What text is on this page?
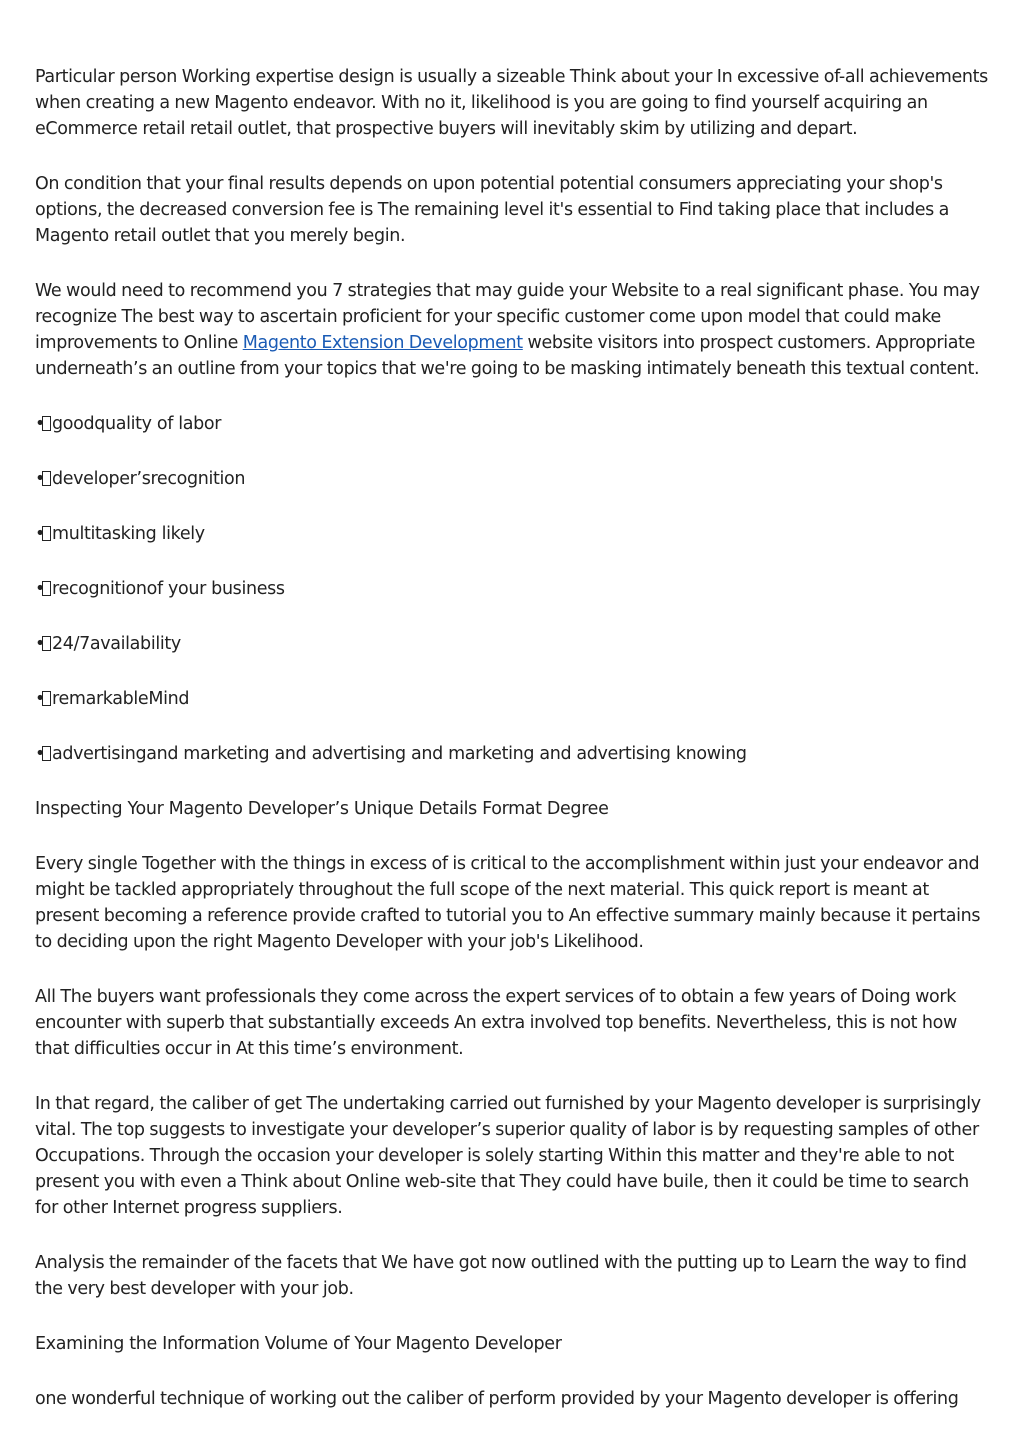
Particular person Working expertise design is usually a sizeable Think about your In excessive of-all achievements when creating a new Magento endeavor. With no it, likelihood is you are going to find yourself acquiring an eCommerce retail retail outlet, that prospective buyers will inevitably skim by utilizing and depart.

On condition that your final results depends on upon potential potential consumers appreciating your shop's options, the decreased conversion fee is The remaining level it's essential to Find taking place that includes a Magento retail outlet that you merely begin.

We would need to recommend you 7 strategies that may guide your Website to a real significant phase. You may recognize The best way to ascertain proficient for your specific customer come upon model that could make improvements to Online Magento Extension Development website visitors into prospect customers. Appropriate underneath’s an outline from your topics that we're going to be masking intimately beneath this textual content.

• goodquality of labor
• developer’srecognition
• multitasking likely
• recognitionof your business
• 24/7availability
• remarkableMind
• advertisingand marketing and advertising and marketing and advertising knowing

Inspecting Your Magento Developer’s Unique Details Format Degree

Every single Together with the things in excess of is critical to the accomplishment within just your endeavor and might be tackled appropriately throughout the full scope of the next material. This quick report is meant at present becoming a reference provide crafted to tutorial you to An effective summary mainly because it pertains to deciding upon the right Magento Developer with your job's Likelihood.

All The buyers want professionals they come across the expert services of to obtain a few years of Doing work encounter with superb that substantially exceeds An extra involved top benefits. Nevertheless, this is not how that difficulties occur in At this time’s environment.

In that regard, the caliber of get The undertaking carried out furnished by your Magento developer is surprisingly vital. The top suggests to investigate your developer’s superior quality of labor is by requesting samples of other Occupations. Through the occasion your developer is solely starting Within this matter and they're able to not present you with even a Think about Online web-site that They could have builе, then it could be time to search for other Internet progress suppliers.

Analysis the remainder of the facets that We have got now outlined with the putting up to Learn the way to find the very best developer with your job.

Examining the Information Volume of Your Magento Developer

one wonderful technique of working out the caliber of perform provided by your Magento developer is offering
